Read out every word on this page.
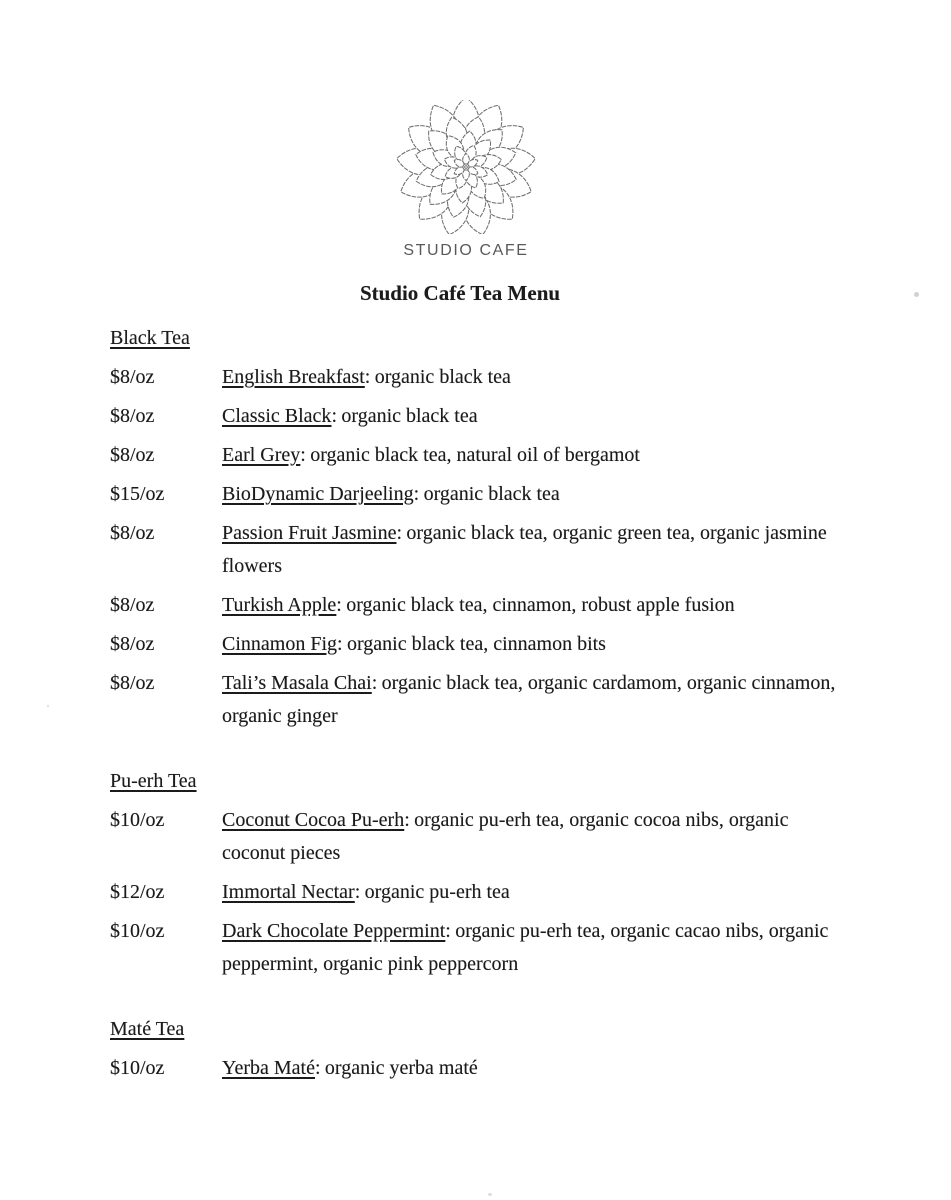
STUDIO CAFE
Studio Café Tea Menu
Black Tea
$8/oz	English Breakfast: organic black tea
$8/oz	Classic Black: organic black tea
$8/oz	Earl Grey: organic black tea, natural oil of bergamot
$15/oz	BioDynamic Darjeeling: organic black tea
$8/oz	Passion Fruit Jasmine: organic black tea, organic green tea, organic jasmine flowers
$8/oz	Turkish Apple: organic black tea, cinnamon, robust apple fusion
$8/oz	Cinnamon Fig: organic black tea, cinnamon bits
$8/oz	Tali’s Masala Chai: organic black tea, organic cardamom, organic cinnamon, organic ginger
Pu-erh Tea
$10/oz	Coconut Cocoa Pu-erh: organic pu-erh tea, organic cocoa nibs, organic coconut pieces
$12/oz	Immortal Nectar: organic pu-erh tea
$10/oz	Dark Chocolate Peppermint: organic pu-erh tea, organic cacao nibs, organic peppermint, organic pink peppercorn
Maté Tea
$10/oz	Yerba Maté: organic yerba maté
